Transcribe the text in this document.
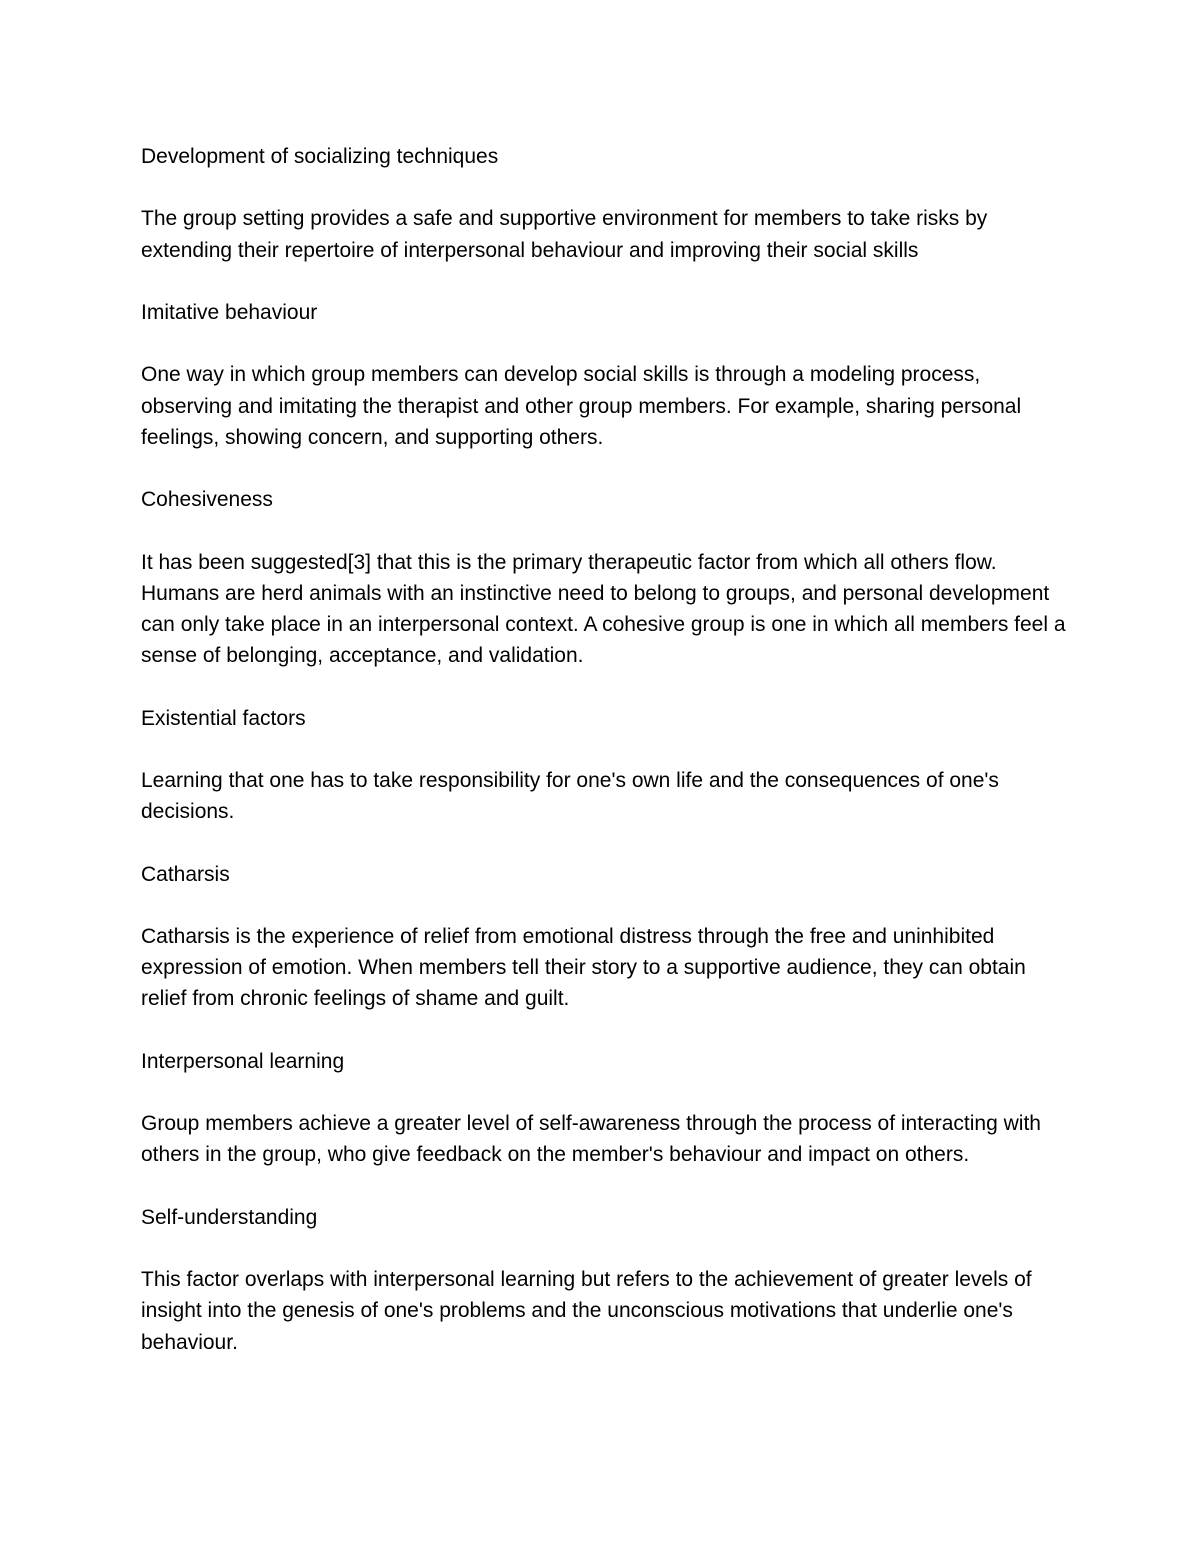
Development of socializing techniques

The group setting provides a safe and supportive environment for members to take risks by extending their repertoire of interpersonal behaviour and improving their social skills

Imitative behaviour

One way in which group members can develop social skills is through a modeling process, observing and imitating the therapist and other group members. For example, sharing personal feelings, showing concern, and supporting others.

Cohesiveness

It has been suggested[3] that this is the primary therapeutic factor from which all others flow. Humans are herd animals with an instinctive need to belong to groups, and personal development can only take place in an interpersonal context. A cohesive group is one in which all members feel a sense of belonging, acceptance, and validation.

Existential factors

Learning that one has to take responsibility for one's own life and the consequences of one's decisions.

Catharsis

Catharsis is the experience of relief from emotional distress through the free and uninhibited expression of emotion. When members tell their story to a supportive audience, they can obtain relief from chronic feelings of shame and guilt.

Interpersonal learning

Group members achieve a greater level of self-awareness through the process of interacting with others in the group, who give feedback on the member's behaviour and impact on others.

Self-understanding

This factor overlaps with interpersonal learning but refers to the achievement of greater levels of insight into the genesis of one's problems and the unconscious motivations that underlie one's behaviour.
